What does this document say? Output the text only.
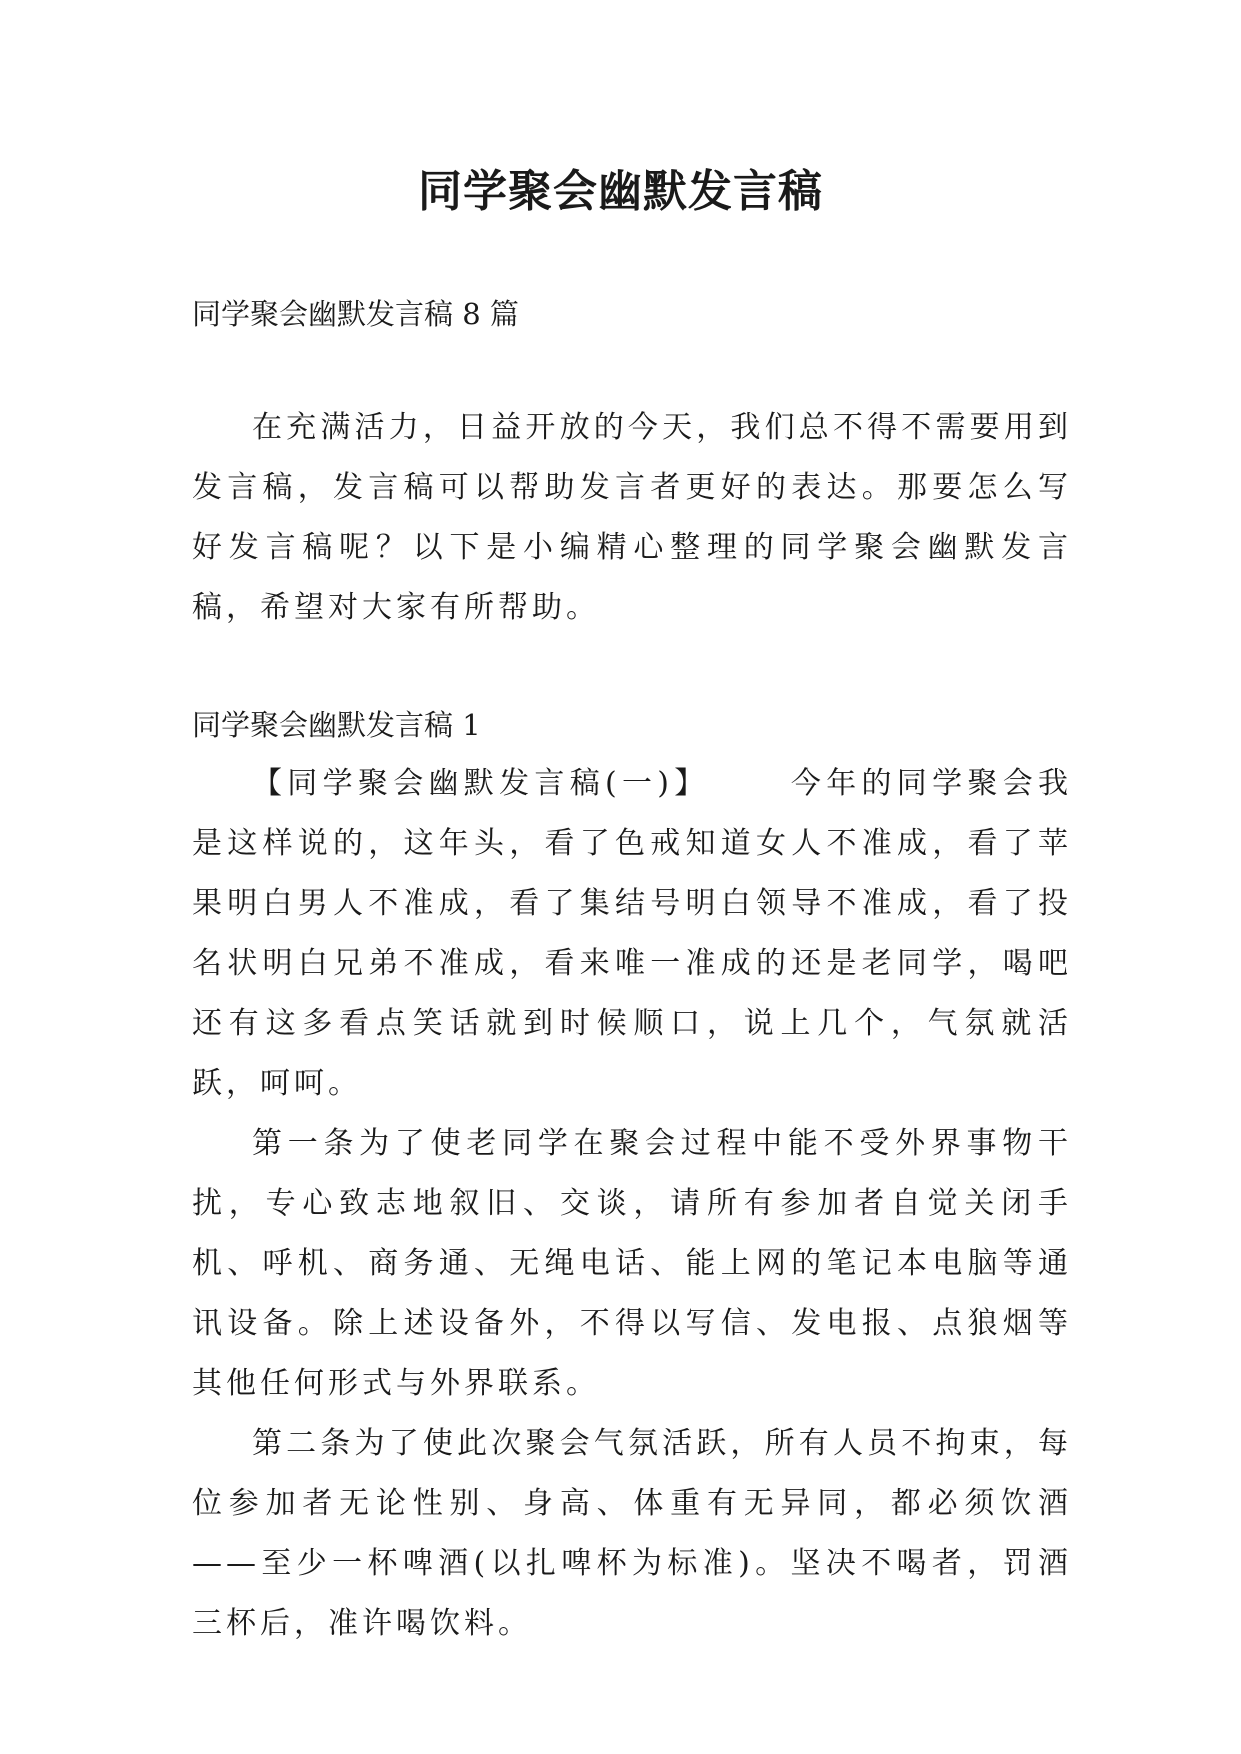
同学聚会幽默发言稿

同学聚会幽默发言稿 8 篇

在充满活力，日益开放的今天，我们总不得不需要用到发言稿，发言稿可以帮助发言者更好的表达。那要怎么写好发言稿呢？以下是小编精心整理的同学聚会幽默发言稿，希望对大家有所帮助。

同学聚会幽默发言稿 1

【同学聚会幽默发言稿(一)】	今年的同学聚会我是这样说的，这年头，看了色戒知道女人不准成，看了苹果明白男人不准成，看了集结号明白领导不准成，看了投名状明白兄弟不准成，看来唯一准成的还是老同学，喝吧 还有这多看点笑话就到时候顺口，说上几个，气氛就活跃，呵呵。

第一条为了使老同学在聚会过程中能不受外界事物干扰，专心致志地叙旧、交谈，请所有参加者自觉关闭手机、呼机、商务通、无绳电话、能上网的笔记本电脑等通讯设备。除上述设备外，不得以写信、发电报、点狼烟等其他任何形式与外界联系。

第二条为了使此次聚会气氛活跃，所有人员不拘束，每位参加者无论性别、身高、体重有无异同，都必须饮酒——至少一杯啤酒(以扎啤杯为标准)。坚决不喝者，罚酒三杯后，准许喝饮料。
